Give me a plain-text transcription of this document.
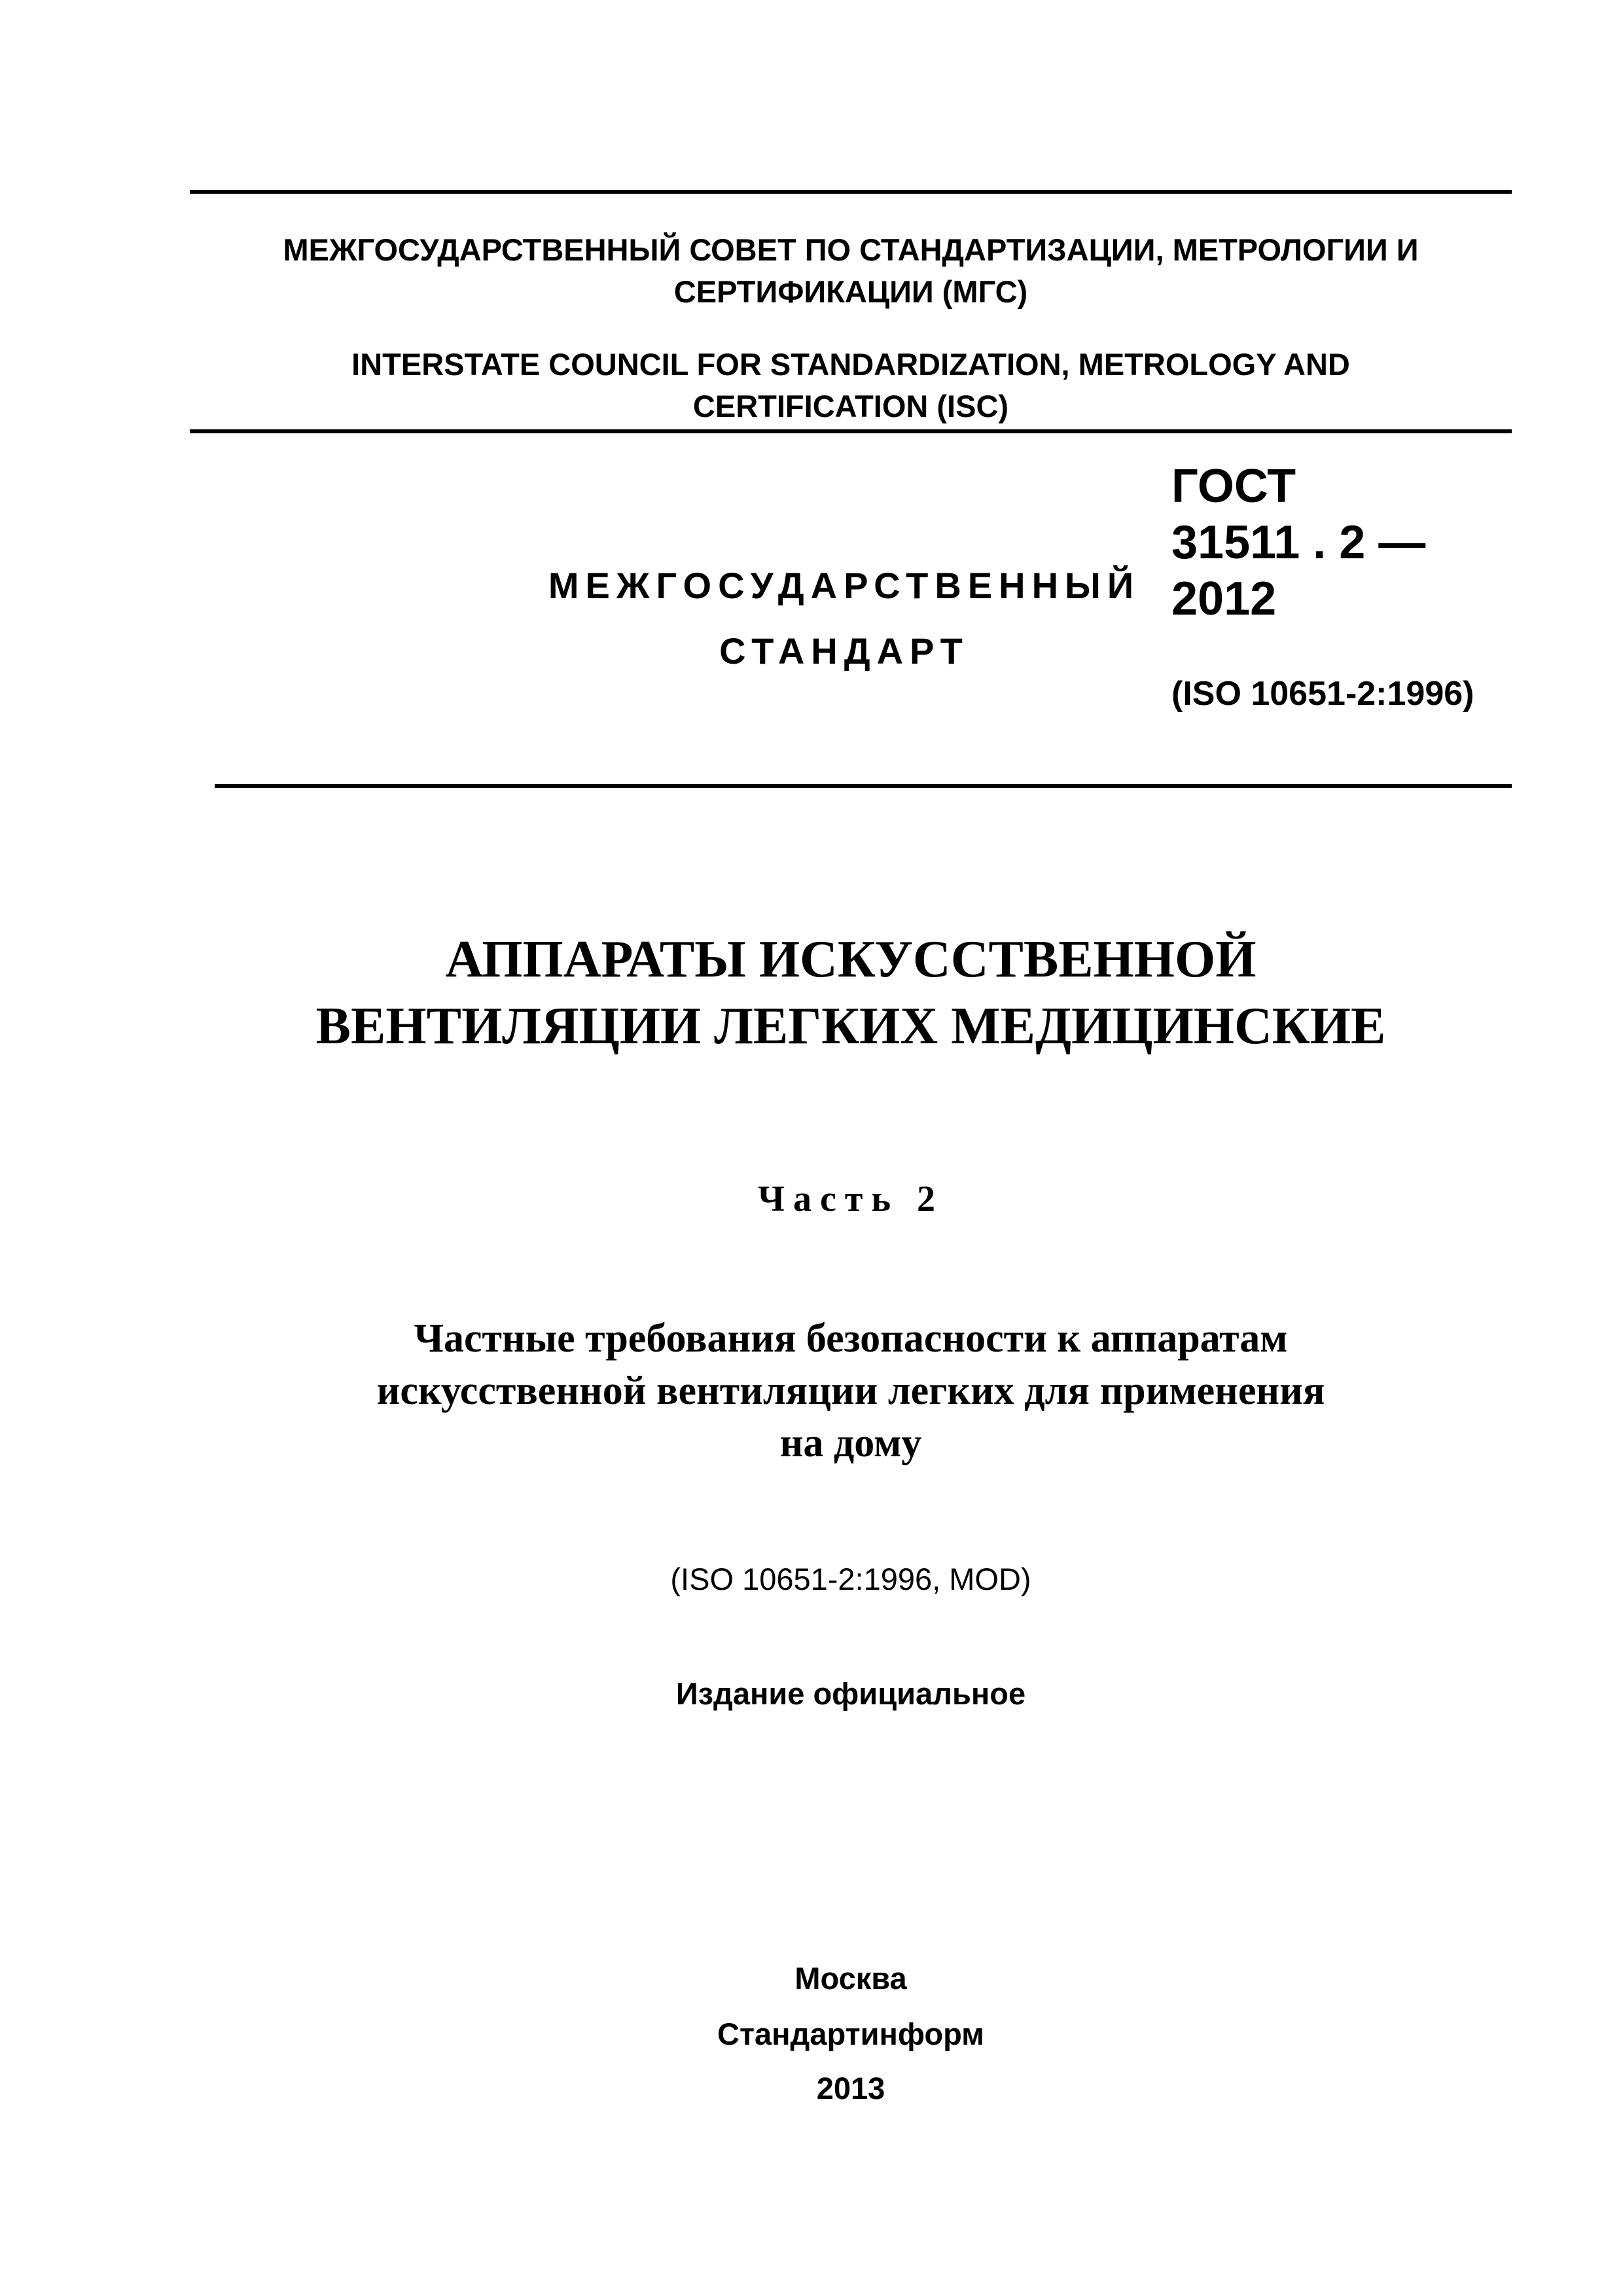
МЕЖГОСУДАРСТВЕННЫЙ СОВЕТ ПО СТАНДАРТИЗАЦИИ, МЕТРОЛОГИИ И
СЕРТИФИКАЦИИ (МГС)
INTERSTATE COUNCIL FOR STANDARDIZATION, METROLOGY AND
CERTIFICATION (ISC)
МЕЖГОСУДАРСТВЕННЫЙ
СТАНДАРТ
ГОСТ
31511 . 2 —
2012
(ISO 10651-2:1996)
АППАРАТЫ ИСКУССТВЕННОЙ
ВЕНТИЛЯЦИИ ЛЕГКИХ МЕДИЦИНСКИЕ
Часть 2
Частные требования безопасности к аппаратам
искусственной вентиляции легких для применения
на дому
(ISO 10651-2:1996, MOD)
Издание официальное
Москва
Стандартинформ
2013
